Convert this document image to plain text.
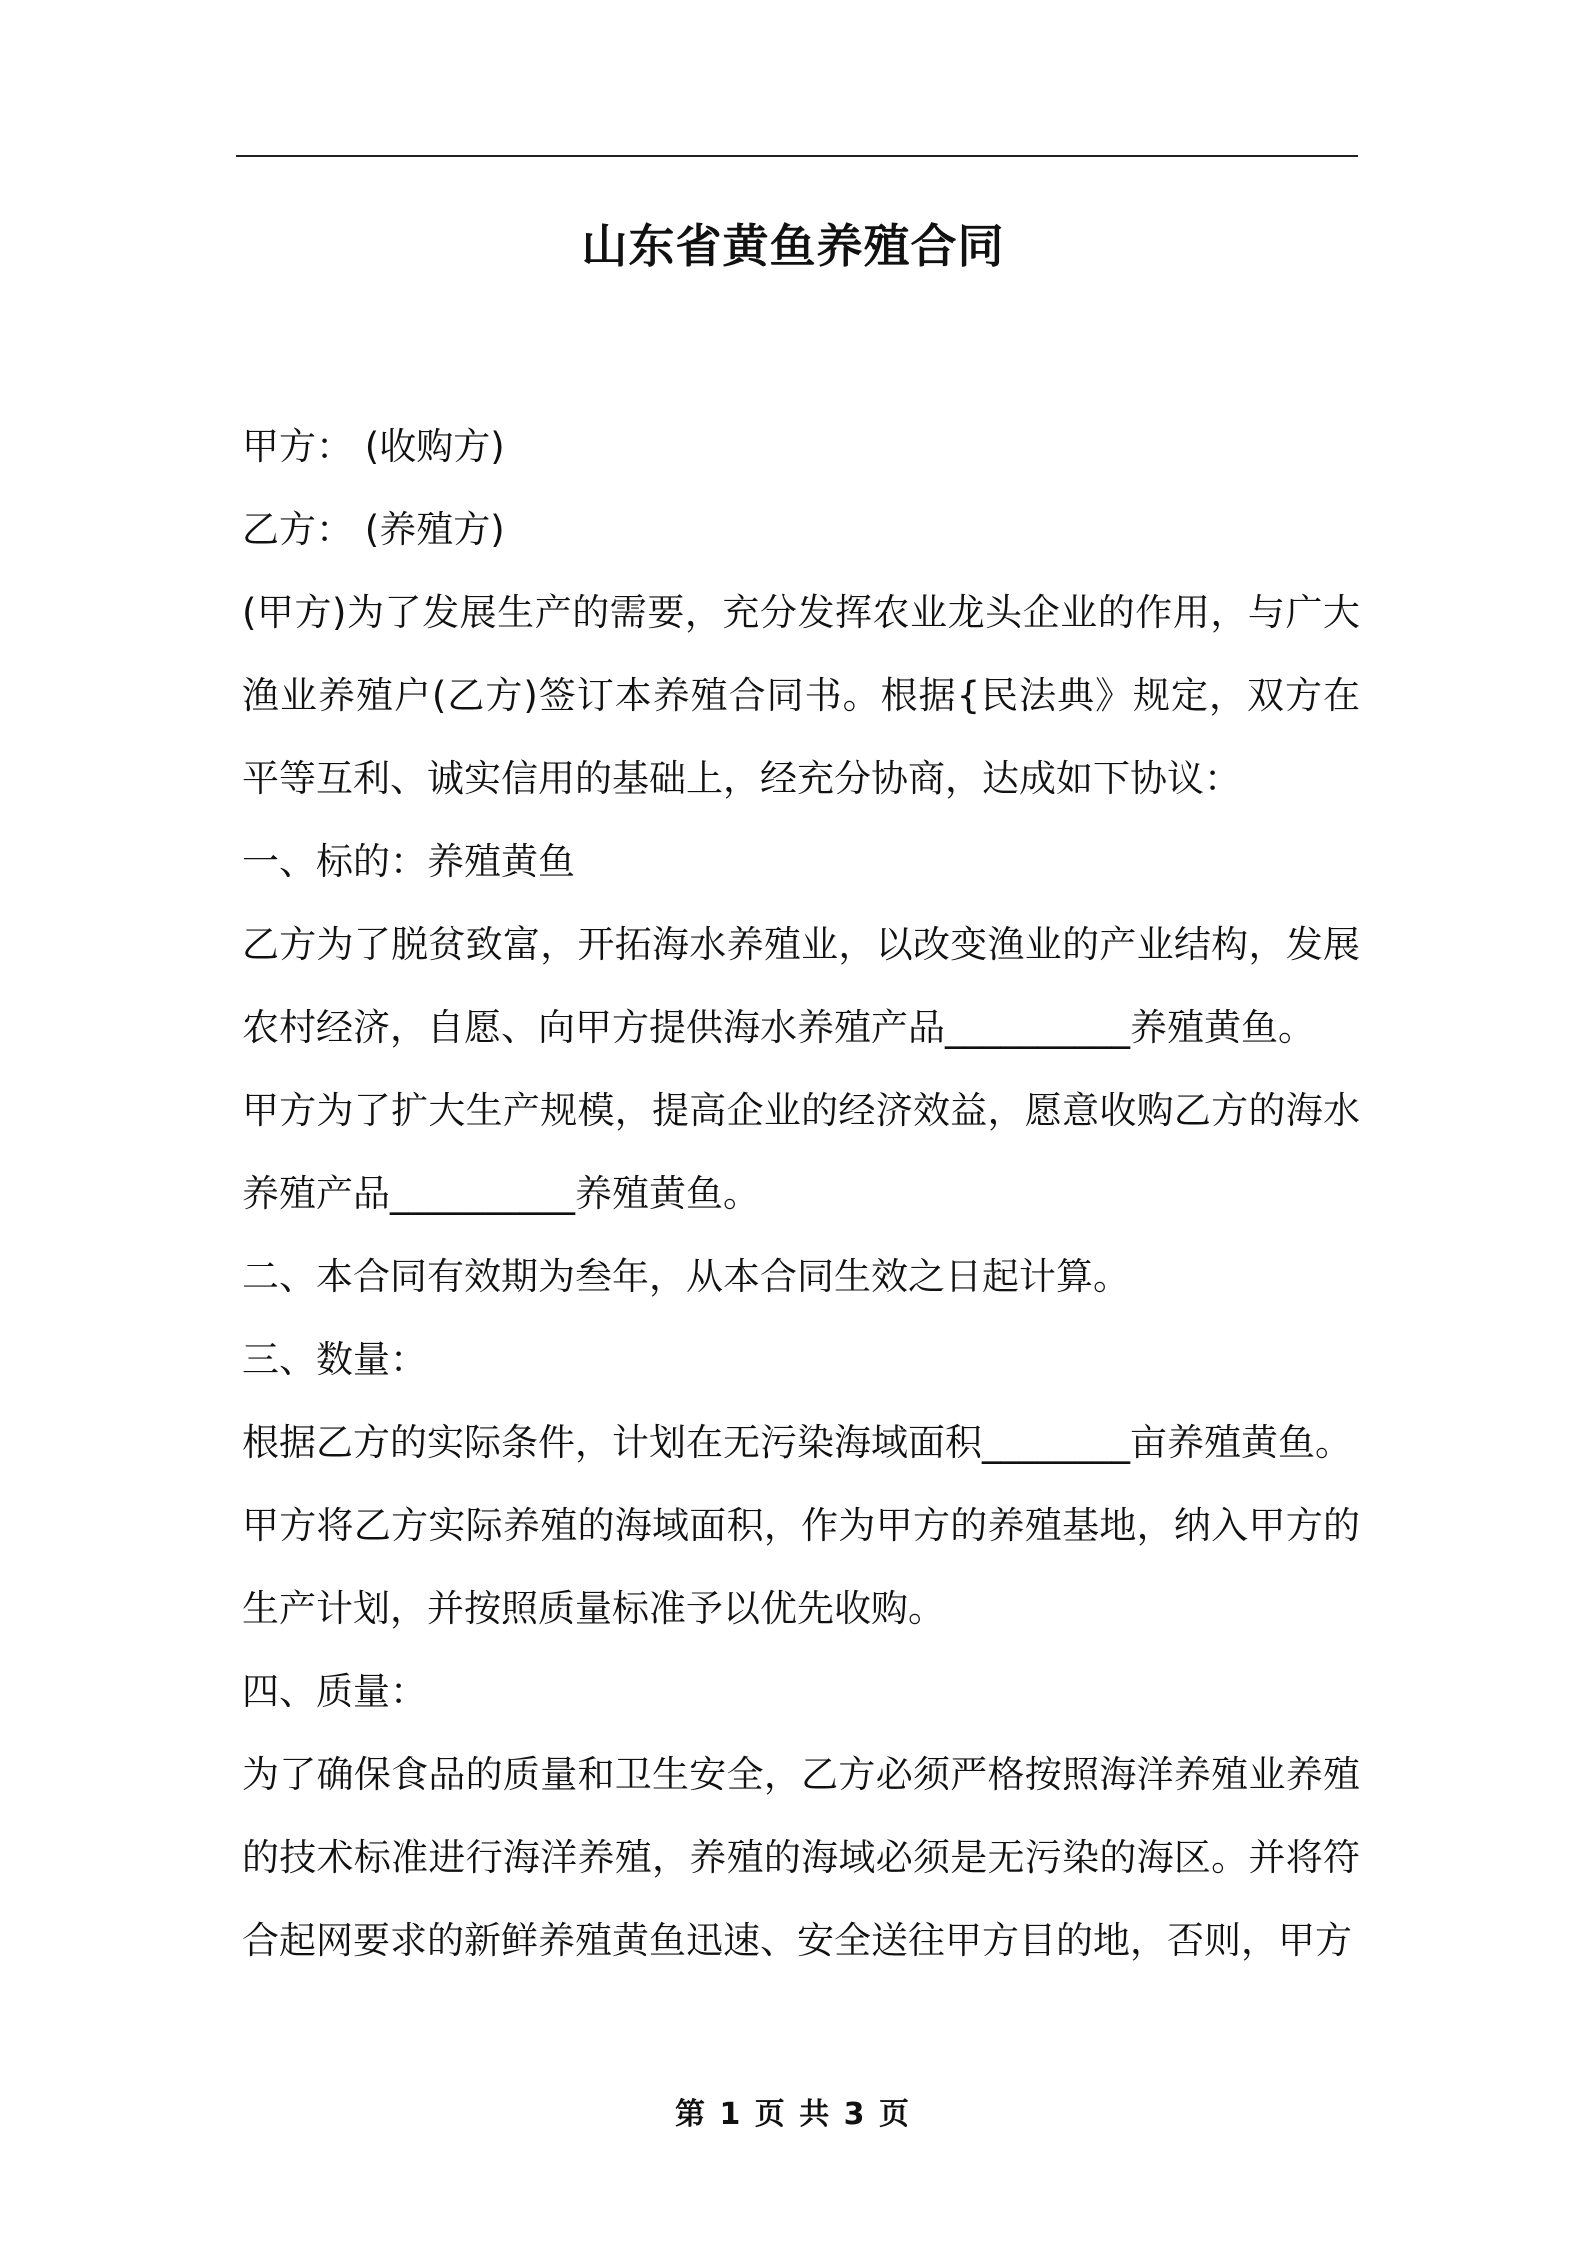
山东省黄鱼养殖合同

甲方： (收购方)

乙方： (养殖方)

(甲方)为了发展生产的需要，充分发挥农业龙头企业的作用，与广大渔业养殖户(乙方)签订本养殖合同书。根据{民法典》规定，双方在平等互利、诚实信用的基础上，经充分协商，达成如下协议：

一、标的：养殖黄鱼

乙方为了脱贫致富，开拓海水养殖业，以改变渔业的产业结构，发展农村经济，自愿、向甲方提供海水养殖产品__________养殖黄鱼。

甲方为了扩大生产规模，提高企业的经济效益，愿意收购乙方的海水养殖产品__________养殖黄鱼。

二、本合同有效期为叁年，从本合同生效之日起计算。

三、数量：

根据乙方的实际条件，计划在无污染海域面积________亩养殖黄鱼。

甲方将乙方实际养殖的海域面积，作为甲方的养殖基地，纳入甲方的生产计划，并按照质量标准予以优先收购。

四、质量：

为了确保食品的质量和卫生安全，乙方必须严格按照海洋养殖业养殖的技术标准进行海洋养殖，养殖的海域必须是无污染的海区。并将符合起网要求的新鲜养殖黄鱼迅速、安全送往甲方目的地，否则，甲方

第 1 页 共 3 页
